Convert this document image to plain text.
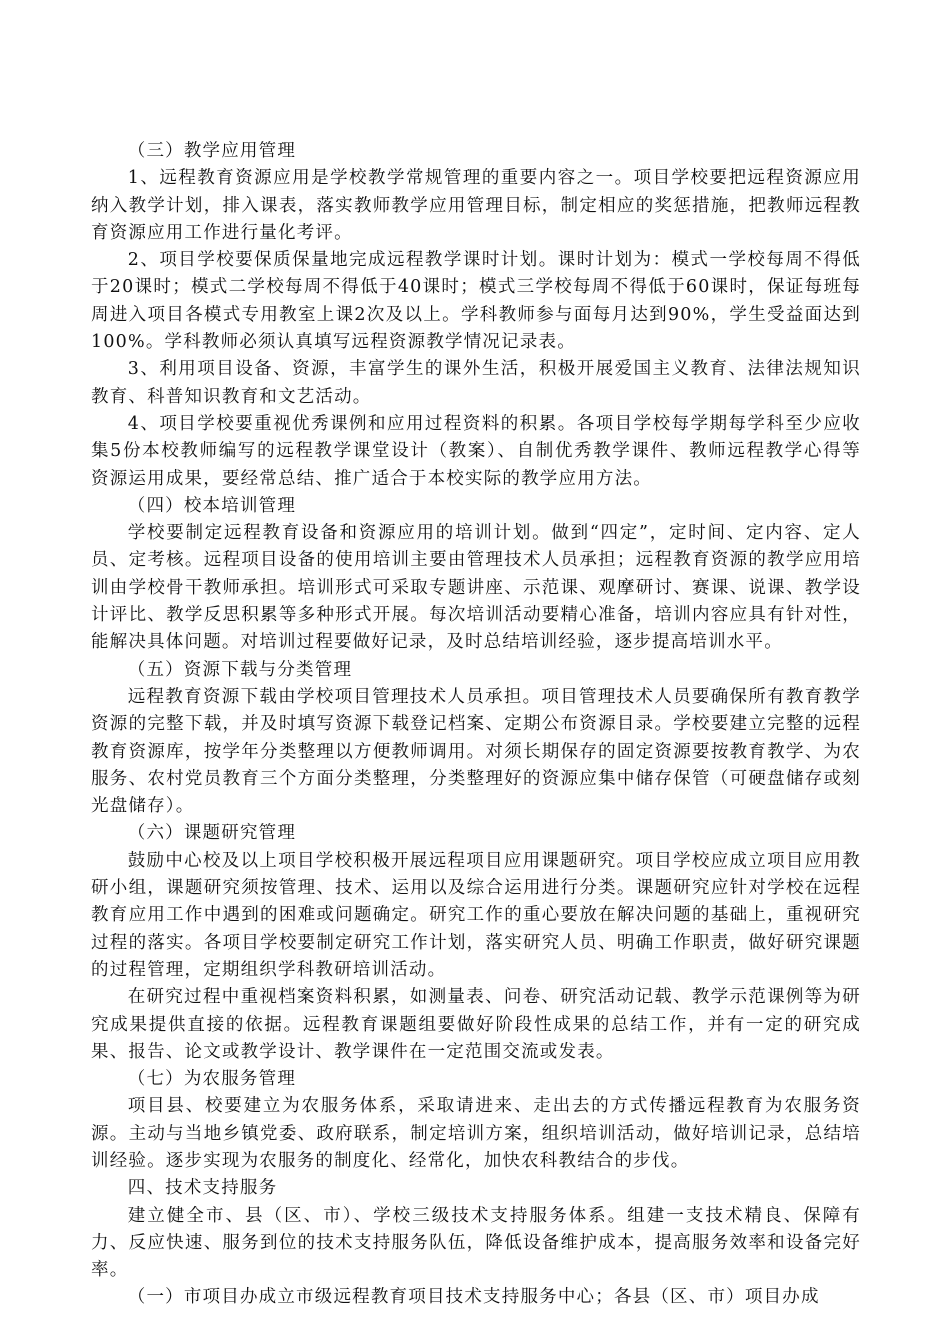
（三）教学应用管理

1、远程教育资源应用是学校教学常规管理的重要内容之一。项目学校要把远程资源应用纳入教学计划，排入课表，落实教师教学应用管理目标，制定相应的奖惩措施，把教师远程教育资源应用工作进行量化考评。

2、项目学校要保质保量地完成远程教学课时计划。课时计划为：模式一学校每周不得低于20课时；模式二学校每周不得低于40课时；模式三学校每周不得低于60课时，保证每班每周进入项目各模式专用教室上课2次及以上。学科教师参与面每月达到90%，学生受益面达到100%。学科教师必须认真填写远程资源教学情况记录表。

3、利用项目设备、资源，丰富学生的课外生活，积极开展爱国主义教育、法律法规知识教育、科普知识教育和文艺活动。

4、项目学校要重视优秀课例和应用过程资料的积累。各项目学校每学期每学科至少应收集5份本校教师编写的远程教学课堂设计（教案）、自制优秀教学课件、教师远程教学心得等资源运用成果，要经常总结、推广适合于本校实际的教学应用方法。

（四）校本培训管理

学校要制定远程教育设备和资源应用的培训计划。做到“四定”，定时间、定内容、定人员、定考核。远程项目设备的使用培训主要由管理技术人员承担；远程教育资源的教学应用培训由学校骨干教师承担。培训形式可采取专题讲座、示范课、观摩研讨、赛课、说课、教学设计评比、教学反思积累等多种形式开展。每次培训活动要精心准备，培训内容应具有针对性，能解决具体问题。对培训过程要做好记录，及时总结培训经验，逐步提高培训水平。

（五）资源下载与分类管理

远程教育资源下载由学校项目管理技术人员承担。项目管理技术人员要确保所有教育教学资源的完整下载，并及时填写资源下载登记档案、定期公布资源目录。学校要建立完整的远程教育资源库，按学年分类整理以方便教师调用。对须长期保存的固定资源要按教育教学、为农服务、农村党员教育三个方面分类整理，分类整理好的资源应集中储存保管（可硬盘储存或刻光盘储存）。

（六）课题研究管理

鼓励中心校及以上项目学校积极开展远程项目应用课题研究。项目学校应成立项目应用教研小组，课题研究须按管理、技术、运用以及综合运用进行分类。课题研究应针对学校在远程教育应用工作中遇到的困难或问题确定。研究工作的重心要放在解决问题的基础上，重视研究过程的落实。各项目学校要制定研究工作计划，落实研究人员、明确工作职责，做好研究课题的过程管理，定期组织学科教研培训活动。

在研究过程中重视档案资料积累，如测量表、问卷、研究活动记载、教学示范课例等为研究成果提供直接的依据。远程教育课题组要做好阶段性成果的总结工作，并有一定的研究成果、报告、论文或教学设计、教学课件在一定范围交流或发表。

（七）为农服务管理

项目县、校要建立为农服务体系，采取请进来、走出去的方式传播远程教育为农服务资源。主动与当地乡镇党委、政府联系，制定培训方案，组织培训活动，做好培训记录，总结培训经验。逐步实现为农服务的制度化、经常化，加快农科教结合的步伐。

四、技术支持服务

建立健全市、县（区、市）、学校三级技术支持服务体系。组建一支技术精良、保障有力、反应快速、服务到位的技术支持服务队伍，降低设备维护成本，提高服务效率和设备完好率。

（一）市项目办成立市级远程教育项目技术支持服务中心；各县（区、市）项目办成
